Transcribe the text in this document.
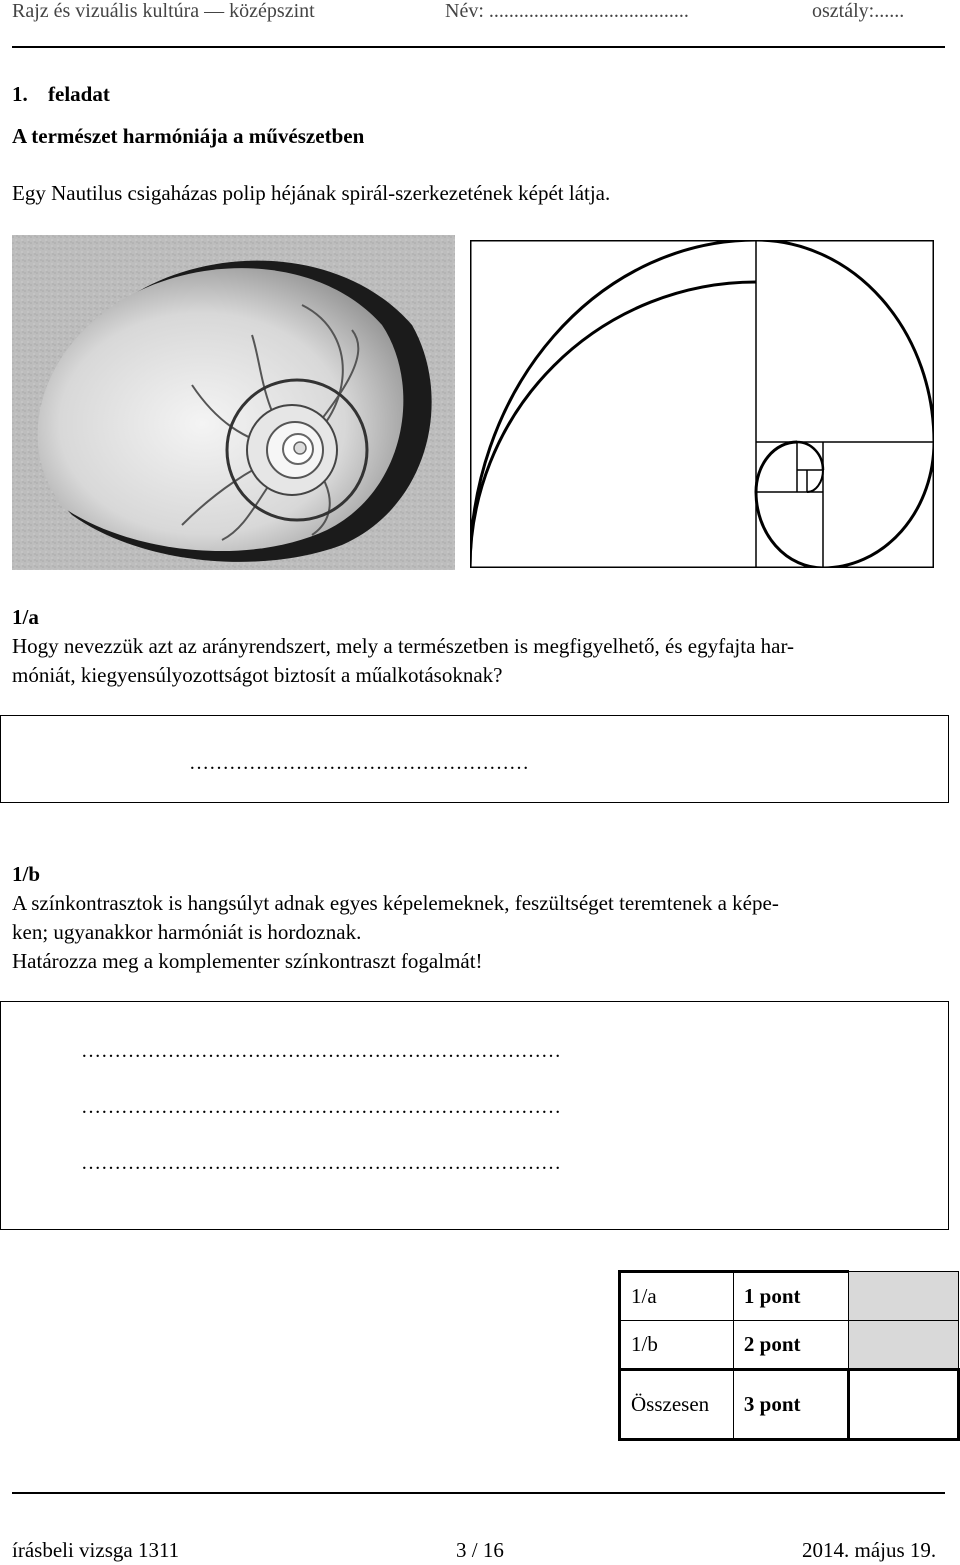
Rajz és vizuális kultúra — középszint	Név: ........................................	osztály:......
1. feladat
A természet harmóniája a művészetben
Egy Nautilus csigaházas polip héjának spirál-szerkezetének képét látja.
1/a
Hogy nevezzük azt az arányrendszert, mely a természetben is megfigyelhető, és egyfajta har-
móniát, kiegyensúlyozottságot biztosít a műalkotásoknak?
……………………………………………
1/b
A színkontrasztok is hangsúlyt adnak egyes képelemeknek, feszültséget teremtenek a képe-
ken; ugyanakkor harmóniát is hordoznak.
Határozza meg a komplementer színkontraszt fogalmát!
………………………………………………………………
………………………………………………………………
………………………………………………………………
1/a	1 pont	
1/b	2 pont	
Összesen	3 pont	
írásbeli vizsga 1311	3 / 16	2014. május 19.
